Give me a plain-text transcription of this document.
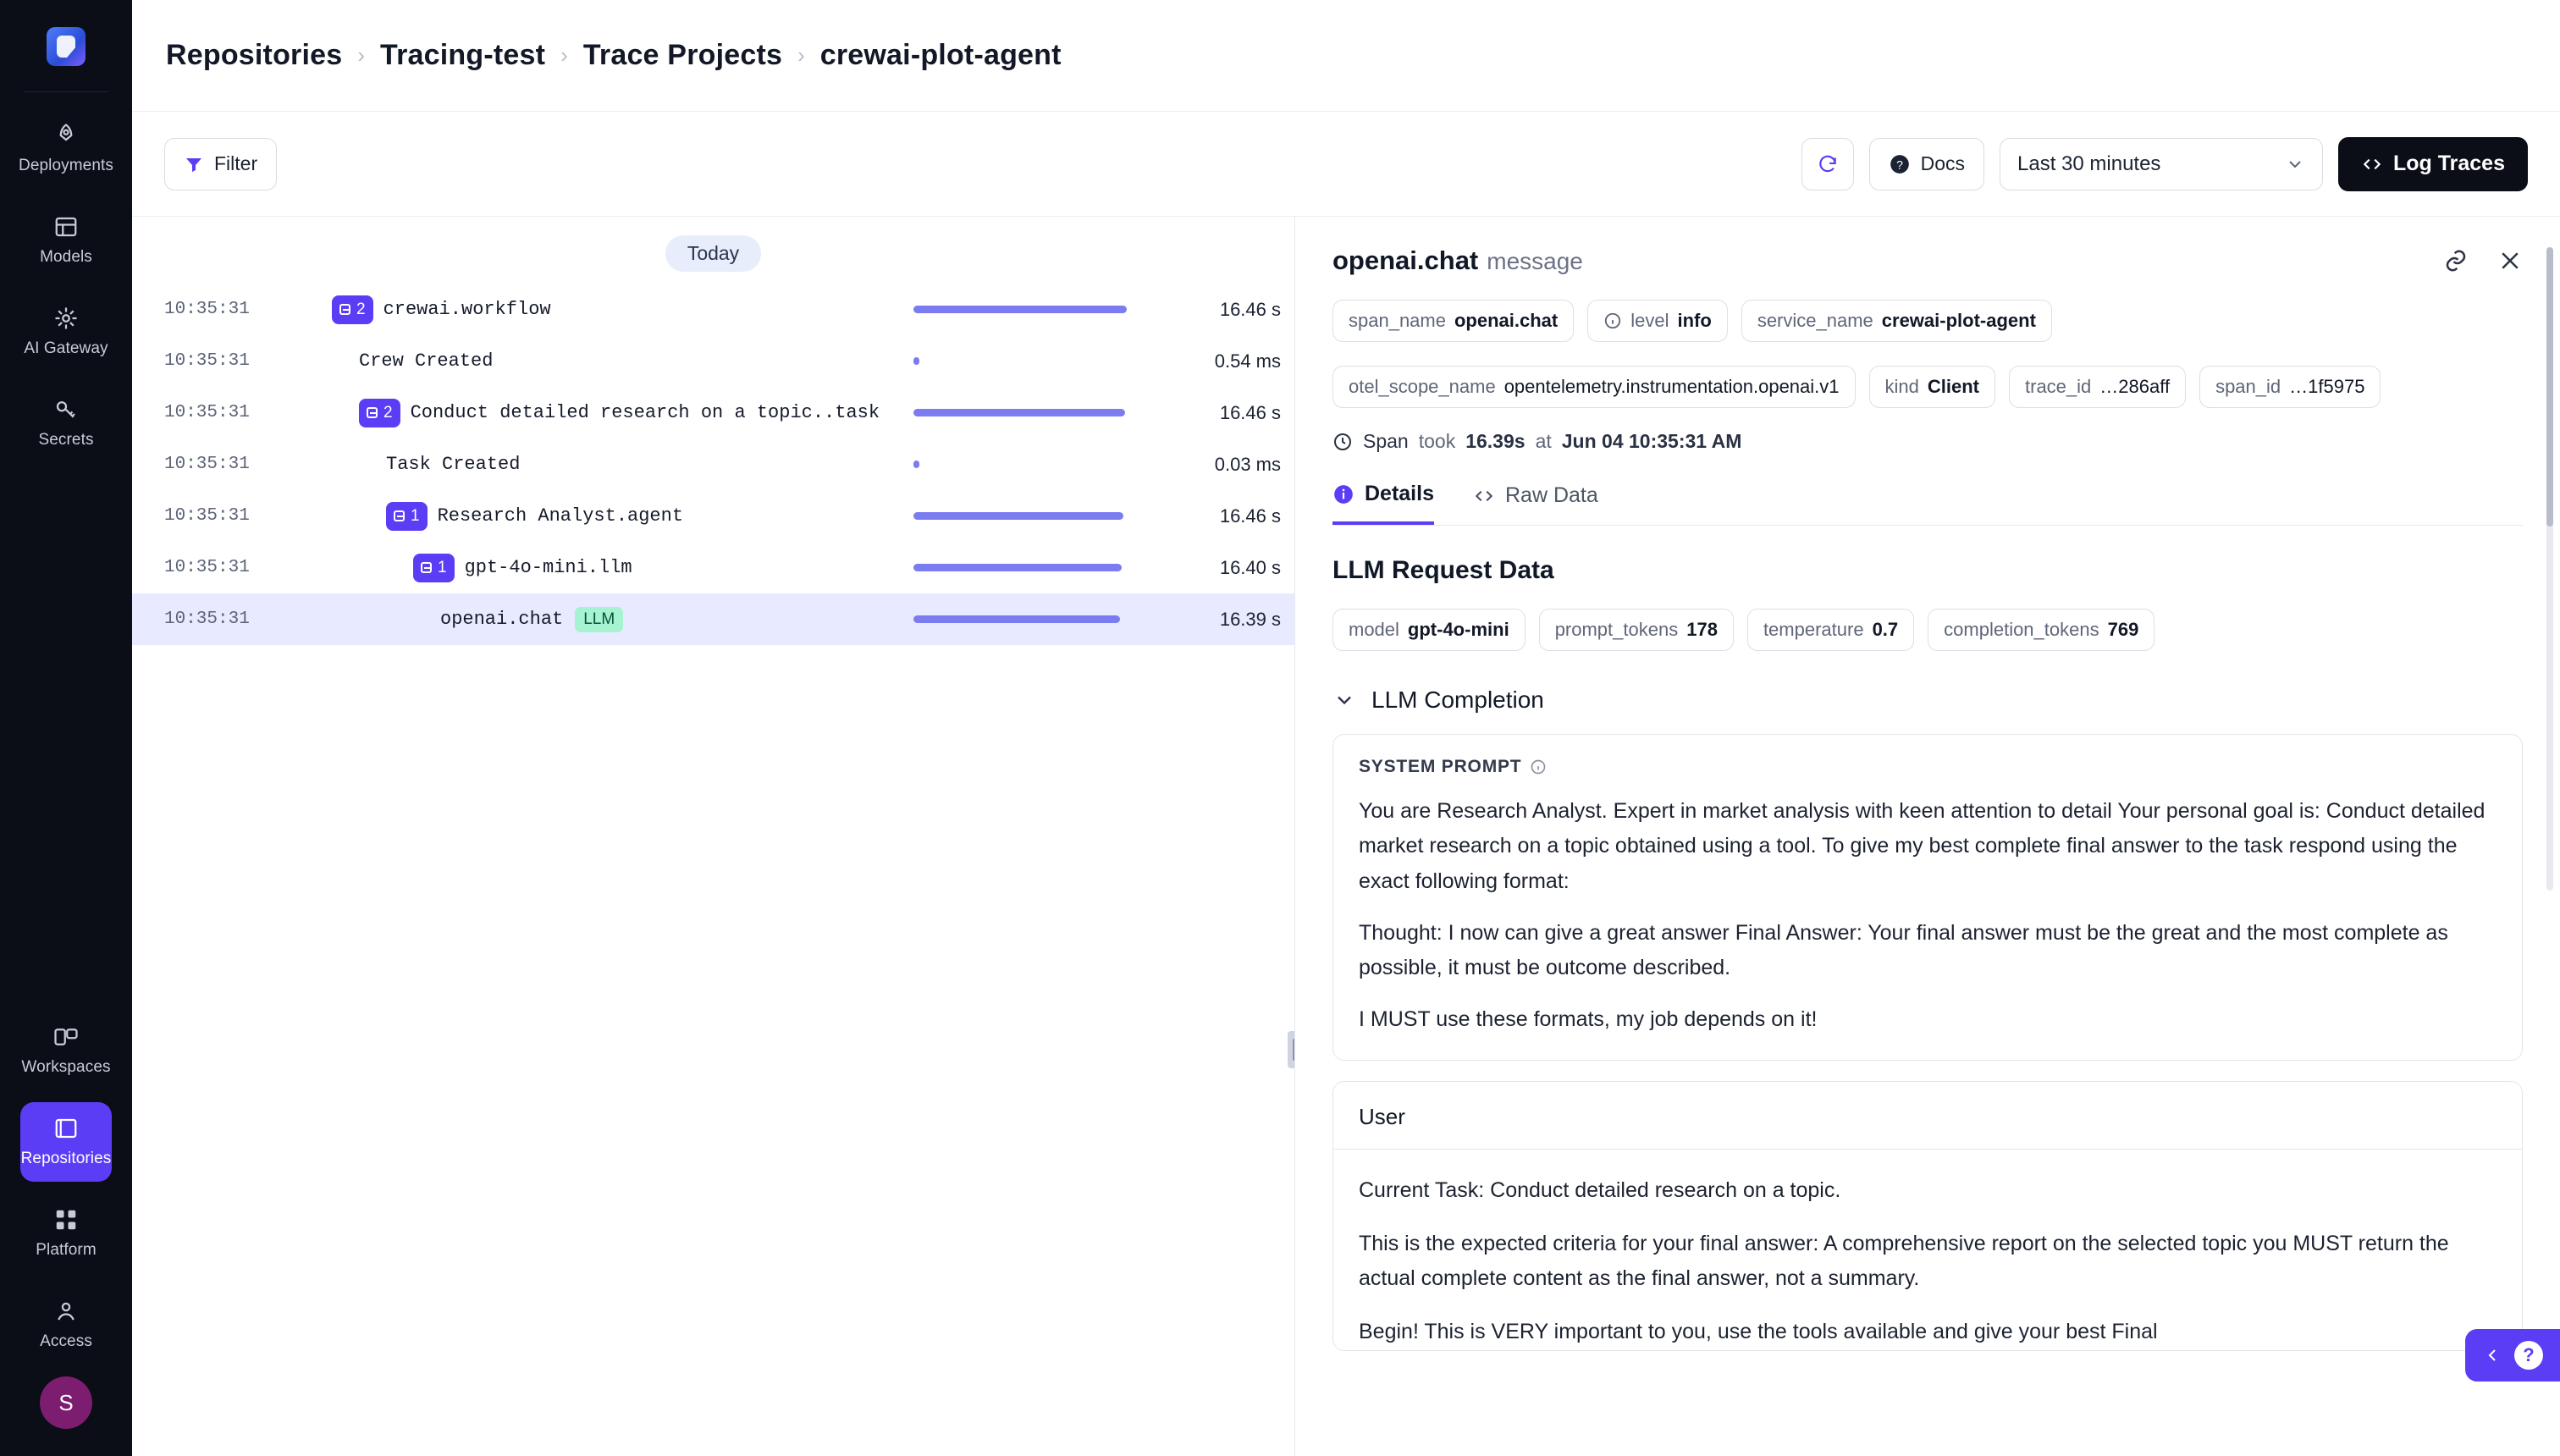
Deployments
Models
AI Gateway
Secrets
Workspaces
Repositories
Platform
Access
S
Repositories › Tracing-test › Trace Projects › crewai-plot-agent
Filter	? Docs	Last 30 minutes	Log Traces
Today
10:35:31	2 crewai.workflow	16.46 s
10:35:31	Crew Created	0.54 ms
10:35:31	2 Conduct detailed research on a topic..task	16.46 s
10:35:31	Task Created	0.03 ms
10:35:31	1 Research Analyst.agent	16.46 s
10:35:31	1 gpt-4o-mini.llm	16.40 s
10:35:31	openai.chat	LLM	16.39 s
openai.chat message
span_name openai.chat	level info service_name crewai-plot-agent
otel_scope_name opentelemetry.instrumentation.openai.v1 kind Client trace_id …286aff span_id …1f5975
Span took 16.39s at Jun 04 10:35:31 AM
Details	Raw Data
LLM Request Data
model gpt-4o-mini prompt_tokens 178 temperature 0.7 completion_tokens 769
LLM Completion
SYSTEM PROMPT

You are Research Analyst. Expert in market analysis with keen attention to detail Your personal goal is: Conduct detailed market research on a topic obtained using a tool. To give my best complete final answer to the task respond using the exact following format:

Thought: I now can give a great answer Final Answer: Your final answer must be the great and the most complete as possible, it must be outcome described.

I MUST use these formats, my job depends on it!

User

Current Task: Conduct detailed research on a topic.

This is the expected criteria for your final answer: A comprehensive report on the selected topic you MUST return the actual complete content as the final answer, not a summary.

Begin! This is VERY important to you, use the tools available and give your best Final

?
